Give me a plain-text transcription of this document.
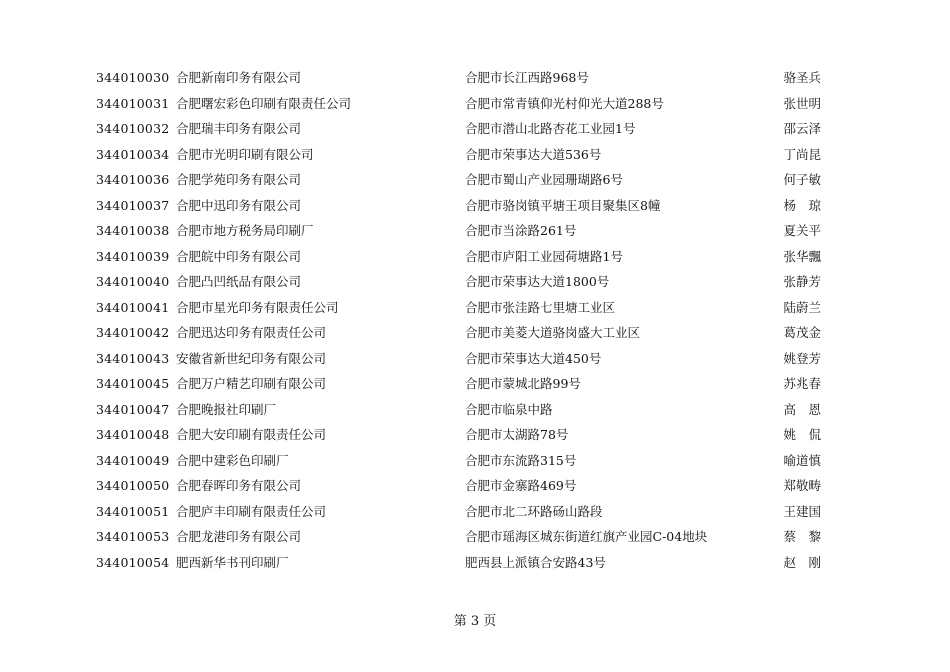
344010030 合肥新南印务有限公司	合肥市长江西路968号	骆圣兵
344010031 合肥曙宏彩色印刷有限责任公司	合肥市常青镇仰光村仰光大道288号	张世明
344010032 合肥瑞丰印务有限公司	合肥市潜山北路杏花工业园1号	邵云泽
344010034 合肥市光明印刷有限公司	合肥市荣事达大道536号	丁尚昆
344010036 合肥学苑印务有限公司	合肥市蜀山产业园珊瑚路6号	何子敏
344010037 合肥中迅印务有限公司	合肥市骆岗镇平塘王项目聚集区8幢	杨　琼
344010038 合肥市地方税务局印刷厂	合肥市当涂路261号	夏关平
344010039 合肥皖中印务有限公司	合肥市庐阳工业园荷塘路1号	张华飄
344010040 合肥凸凹纸品有限公司	合肥市荣事达大道1800号	张静芳
344010041 合肥市星光印务有限责任公司	合肥市张洼路七里塘工业区	陆蔚兰
344010042 合肥迅达印务有限责任公司	合肥市美菱大道骆岗盛大工业区	葛茂金
344010043 安徽省新世纪印务有限公司	合肥市荣事达大道450号	姚登芳
344010045 合肥万户精艺印刷有限公司	合肥市蒙城北路99号	苏兆春
344010047 合肥晚报社印刷厂	合肥市临泉中路	高　恩
344010048 合肥大安印刷有限责任公司	合肥市太湖路78号	姚　侃
344010049 合肥中建彩色印刷厂	合肥市东流路315号	喻道慎
344010050 合肥春晖印务有限公司	合肥市金寨路469号	郑敬畴
344010051 合肥庐丰印刷有限责任公司	合肥市北二环路砀山路段	王建国
344010053 合肥龙港印务有限公司	合肥市瑶海区城东街道红旗产业园C-04地块	蔡　黎
344010054 肥西新华书刊印刷厂	肥西县上派镇合安路43号	赵　刚
第 3 页
